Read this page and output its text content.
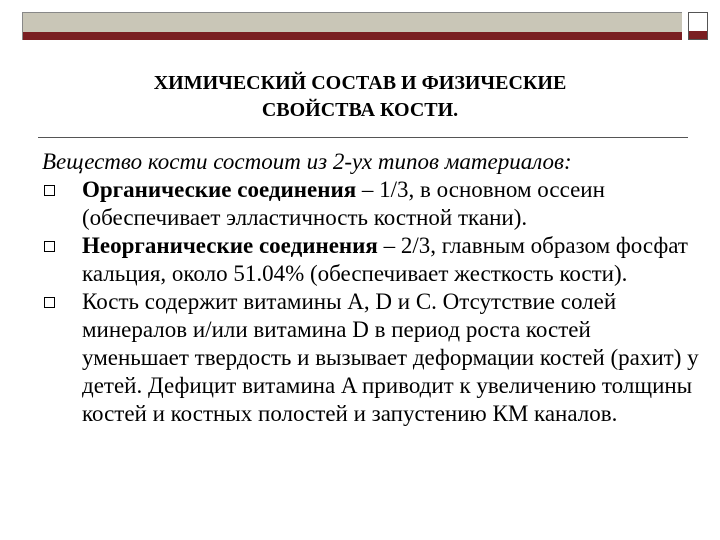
ХИМИЧЕСКИЙ СОСТАВ И ФИЗИЧЕСКИЕ
СВОЙСТВА КОСТИ.
Вещество кости состоит из 2-ух типов материалов:
Органические соединения – 1/3, в основном оссеин (обеспечивает элластичность костной ткани).
Неорганические соединения – 2/3, главным образом фосфат кальция, около 51.04% (обеспечивает жесткость кости).
Кость содержит витамины A, D и C. Отсутствие солей минералов и/или витамина D в период роста костей уменьшает твердость и вызывает деформации костей (рахит) у детей. Дефицит витамина A приводит к увеличению толщины костей и костных полостей и запустению КМ каналов.
